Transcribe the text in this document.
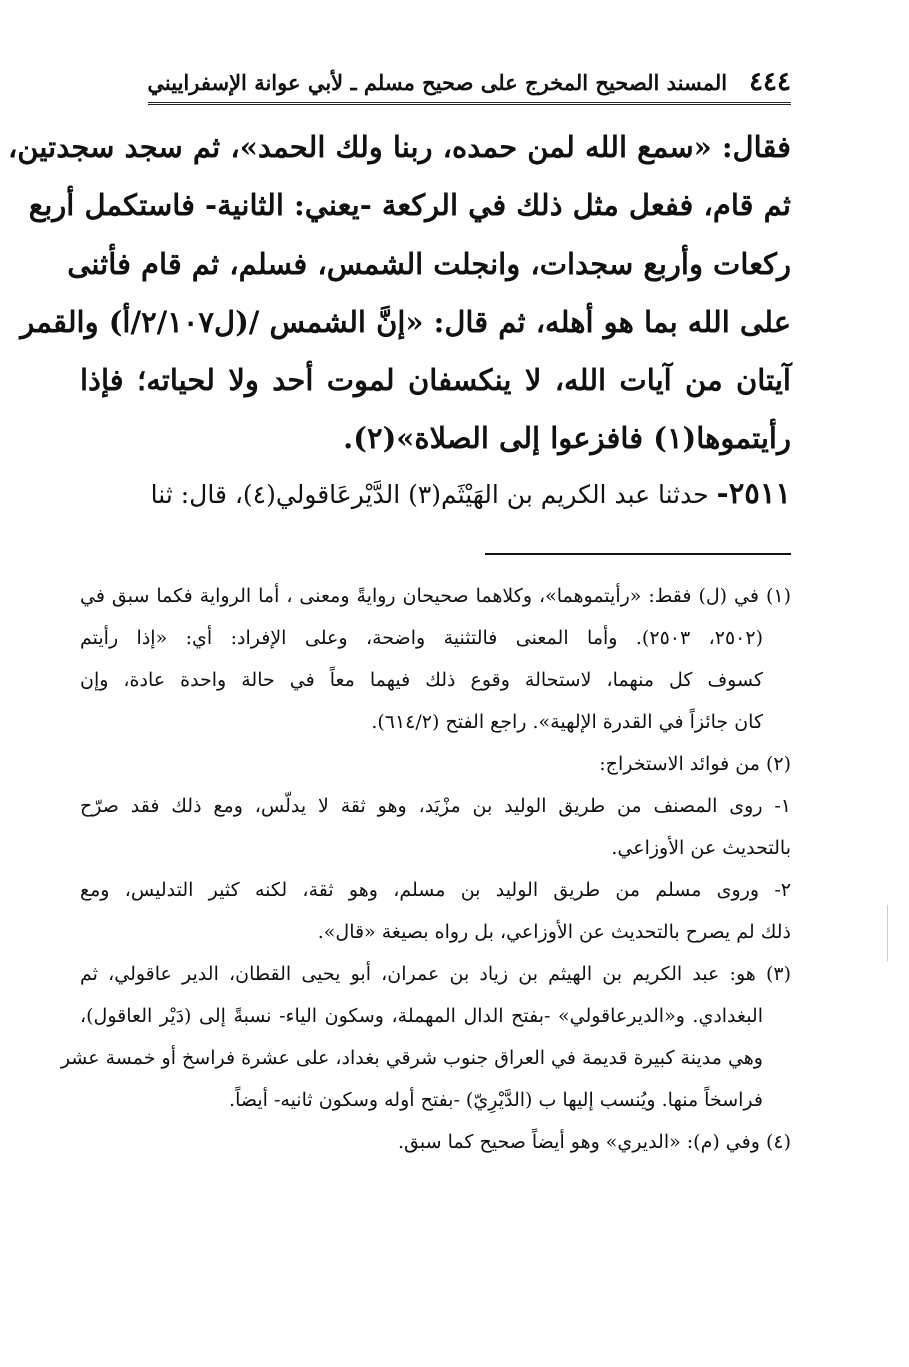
٤٤٤
المسند الصحيح المخرج على صحيح مسلم ـ لأبي عوانة الإسفراييني

فقال: «سمع الله لمن حمده، ربنا ولك الحمد»، ثم سجد سجدتين،

ثم قام، ففعل مثل ذلك في الركعة -يعني: الثانية- فاستكمل أربع

ركعات وأربع سجدات، وانجلت الشمس، فسلم، ثم قام فأثنى

على الله بما هو أهله، ثم قال: «إنَّ الشمس /(ل٢/١٠٧/أ) والقمر

آيتان من آيات الله، لا ينكسفان لموت أحد ولا لحياته؛ فإذا

رأيتموها(١) فافزعوا إلى الصلاة»(٢).

٢٥١١- حدثنا عبد الكريم بن الهَيْثَم(٣) الدَّيْرعَاقولي(٤)، قال: ثنا

(١) في (ل) فقط: «رأيتموهما»، وكلاهما صحيحان روايةً ومعنى ، أما الرواية فكما سبق في

(٢٥٠٢، ٢٥٠٣). وأما المعنى فالتثنية واضحة، وعلى الإفراد: أي: «إذا رأيتم

كسوف كل منهما، لاستحالة وقوع ذلك فيهما معاً في حالة واحدة عادة، وإن

كان جائزاً في القدرة الإلهية». راجع الفتح (٦١٤/٢).

(٢) من فوائد الاستخراج:

١- روى المصنف من طريق الوليد بن مزْيَد، وهو ثقة لا يدلّس، ومع ذلك فقد صرّح

بالتحديث عن الأوزاعي.

٢- وروى مسلم من طريق الوليد بن مسلم، وهو ثقة، لكنه كثير التدليس، ومع

ذلك لم يصرح بالتحديث عن الأوزاعي، بل رواه بصيغة «قال».

(٣) هو: عبد الكريم بن الهيثم بن زياد بن عمران، أبو يحيى القطان، الدير عاقولي، ثم

البغدادي. و«الديرعاقولي» -بفتح الدال المهملة، وسكون الياء- نسبةً إلى (دَيْر العاقول)،

وهي مدينة كبيرة قديمة في العراق جنوب شرقي بغداد، على عشرة فراسخ أو خمسة عشر

فراسخاً منها. ويُنسب إليها ب (الدَّيْرِيّ) -بفتح أوله وسكون ثانيه- أيضاً.

(٤) وفي (م): «الديري» وهو أيضاً صحيح كما سبق.
